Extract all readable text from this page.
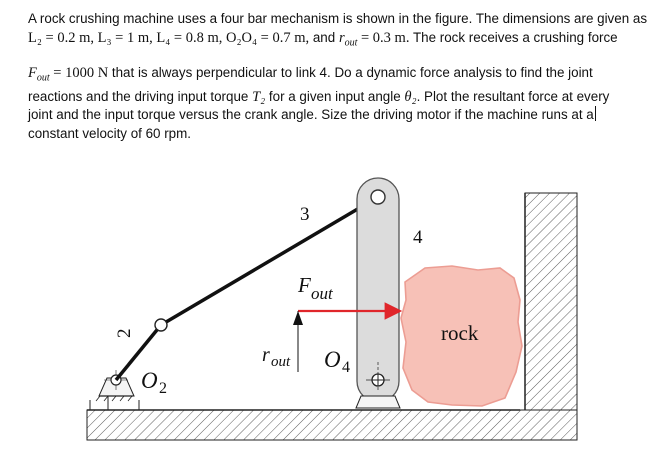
A rock crushing machine uses a four bar mechanism is shown in the figure. The dimensions are given as
L₂ = 0.2 m, L₃ = 1 m, L₄ = 0.8 m, O₂O₄ = 0.7 m, and $r_{out} = 0.3$ m. The rock receives a crushing force
$F_{out} = 1000$ N that is always perpendicular to link 4. Do a dynamic force analysis to find the joint
reactions and the driving input torque T₂ for a given input angle θ₂. Plot the resultant force at every
joint and the input torque versus the crank angle. Size the driving motor if the machine runs at a
constant velocity of 60 rpm.
2
3
4
rock
O 2
O 4
F out
r out
